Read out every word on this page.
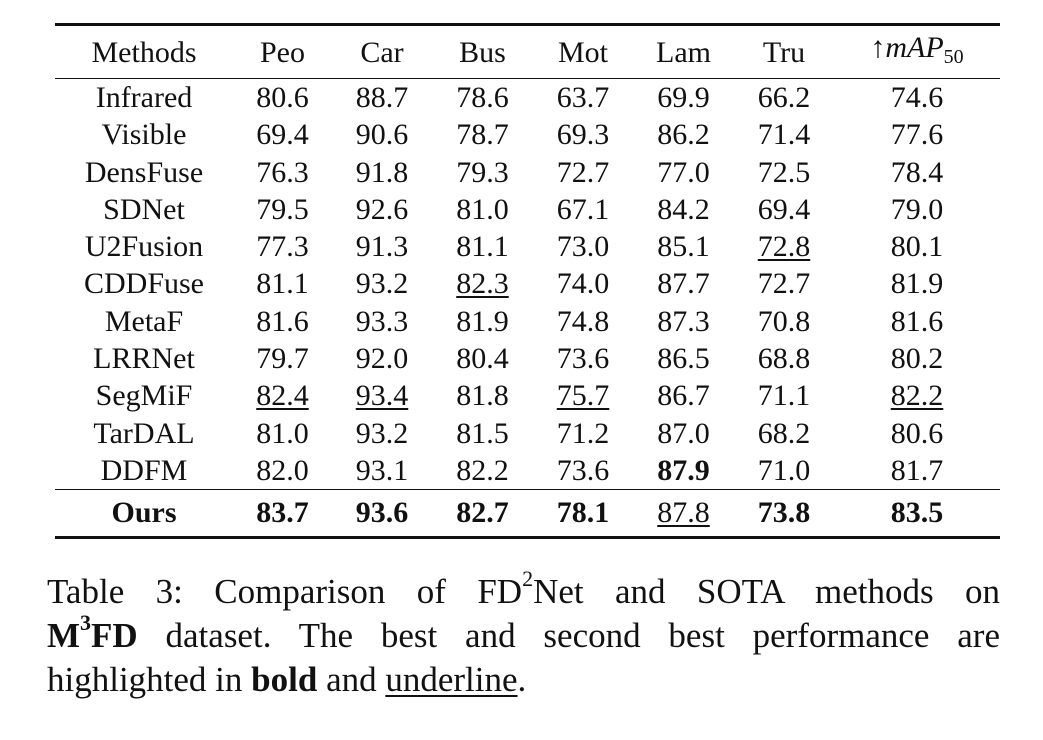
Methods	Peo	Car	Bus	Mot	Lam	Tru	↑mAP$_{50}$
Infrared	80.6	88.7	78.6	63.7	69.9	66.2	74.6
Visible	69.4	90.6	78.7	69.3	86.2	71.4	77.6
DensFuse	76.3	91.8	79.3	72.7	77.0	72.5	78.4
SDNet	79.5	92.6	81.0	67.1	84.2	69.4	79.0
U2Fusion	77.3	91.3	81.1	73.0	85.1	72.8	80.1
CDDFuse	81.1	93.2	82.3	74.0	87.7	72.7	81.9
MetaF	81.6	93.3	81.9	74.8	87.3	70.8	81.6
LRRNet	79.7	92.0	80.4	73.6	86.5	68.8	80.2
SegMiF	82.4	93.4	81.8	75.7	86.7	71.1	82.2
TarDAL	81.0	93.2	81.5	71.2	87.0	68.2	80.6
DDFM	82.0	93.1	82.2	73.6	87.9	71.0	81.7
Ours	83.7	93.6	82.7	78.1	87.8	73.8	83.5
Table 3: Comparison of $FD^2Net$ and SOTA methods on
$M^3FD$ dataset. The best and second best performance are
highlighted in bold and underline.
